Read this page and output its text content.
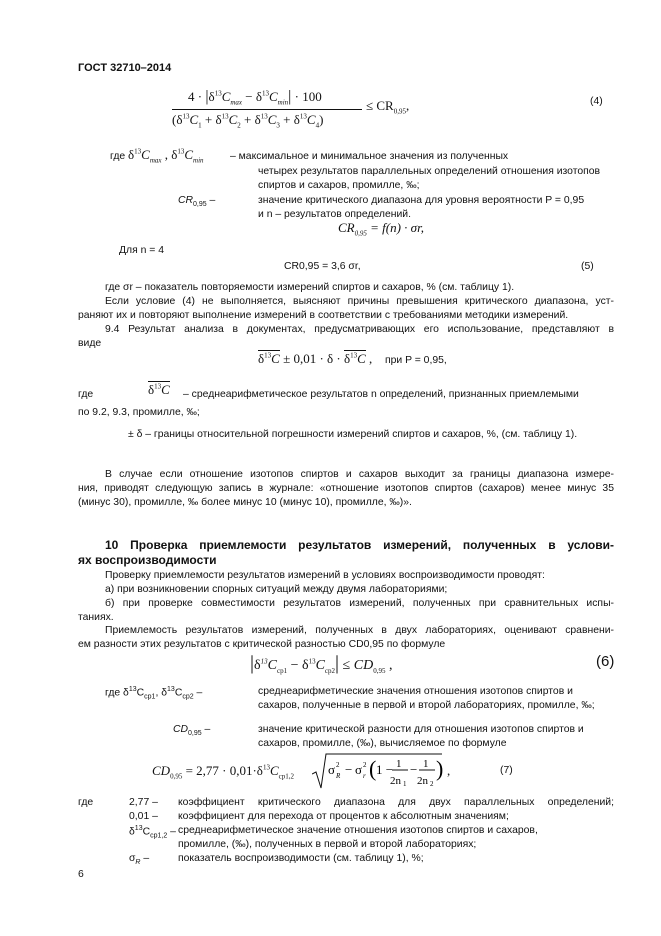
ГОСТ 32710–2014
$4 \cdot |\delta^{13}C_{max} - \delta^{13}C_{min}| \cdot 100$
$(\delta^{13}C_1 + \delta^{13}C_2 + \delta^{13}C_3 + \delta^{13}C_4)$
≤ $CR_{0,95}$,	(4)
где $\delta^{13}C_{max}$ , $\delta^{13}C_{min}$	– максимальное и минимальное значения из полученных
четырех результатов параллельных определений отношения изотопов
спиртов и сахаров, промилле, ‰;
$CR_{0,95}$ –	значение критического диапазона для уровня вероятности P = 0,95
и n – результатов определений.
$CR_{0,95} = f(n) \cdot \sigma r$,
Для n = 4
CR0,95 = 3,6 σr,	(5)
где σr – показатель повторяемости измерений спиртов и сахаров, % (см. таблицу 1).
Если условие (4) не выполняется, выясняют причины превышения критического диапазона, уст-
раняют их и повторяют выполнение измерений в соответствии с требованиями методики измерений.
9.4 Результат анализа в документах, предусматривающих его использование, представляют в
виде
$\delta^{13}C \pm 0,01 \cdot \delta \cdot \delta^{13}C$ , при P = 0,95,
где	$\delta^{13}C$ – среднеарифметическое результатов n определений, признанных приемлемыми
по 9.2, 9.3, промилле, ‰;
± δ – границы относительной погрешности измерений спиртов и сахаров, %, (см. таблицу 1).
В случае если отношение изотопов спиртов и сахаров выходит за границы диапазона измере-
ния, приводят следующую запись в журнале: «отношение изотопов спиртов (сахаров) менее минус 35
(минус 30), промилле, ‰ более минус 10 (минус 10), промилле, ‰)».
10 Проверка приемлемости результатов измерений, полученных в услови-
ях воспроизводимости
Проверку приемлемости результатов измерений в условиях воспроизводимости проводят:
а) при возникновении спорных ситуаций между двумя лабораториями;
б) при проверке совместимости результатов измерений, полученных при сравнительных испы-
таниях.
Приемлемость результатов измерений, полученных в двух лабораториях, оценивают сравнени-
ем разности этих результатов с критической разностью CD0,95 по формуле
$|\delta^{13}C_{ср1} - \delta^{13}C_{ср2}| \le CD_{0,95}$ ,	(6)
где $\delta^{13}C_{ср1}$, $\delta^{13}C_{ср2}$ –	среднеарифметические значения отношения изотопов спиртов и
сахаров, полученные в первой и второй лабораториях, промилле, ‰;
$CD_{0,95}$ –	значение критической разности для отношения изотопов спиртов и
сахаров, промилле, (‰), вычисляемое по формуле
$CD_{0,95} = 2,77 \cdot 0,01\cdot\delta^{13}C_{ср1,2}$	σ 2
R − σ 2
r ( 1 − 1
2n 1
− 1
2n 2
) ,	(7)
где	2,77 – коэффициент критического диапазона для двух параллельных определений;
0,01 – коэффициент для перехода от процентов к абсолютным значениям;
$\delta^{13}C_{ср1,2}$ – среднеарифметическое значение отношения изотопов спиртов и сахаров,
промилле, (‰), полученных в первой и второй лабораториях;
$\sigma_R$ –	показатель воспроизводимости (см. таблицу 1), %;
6
